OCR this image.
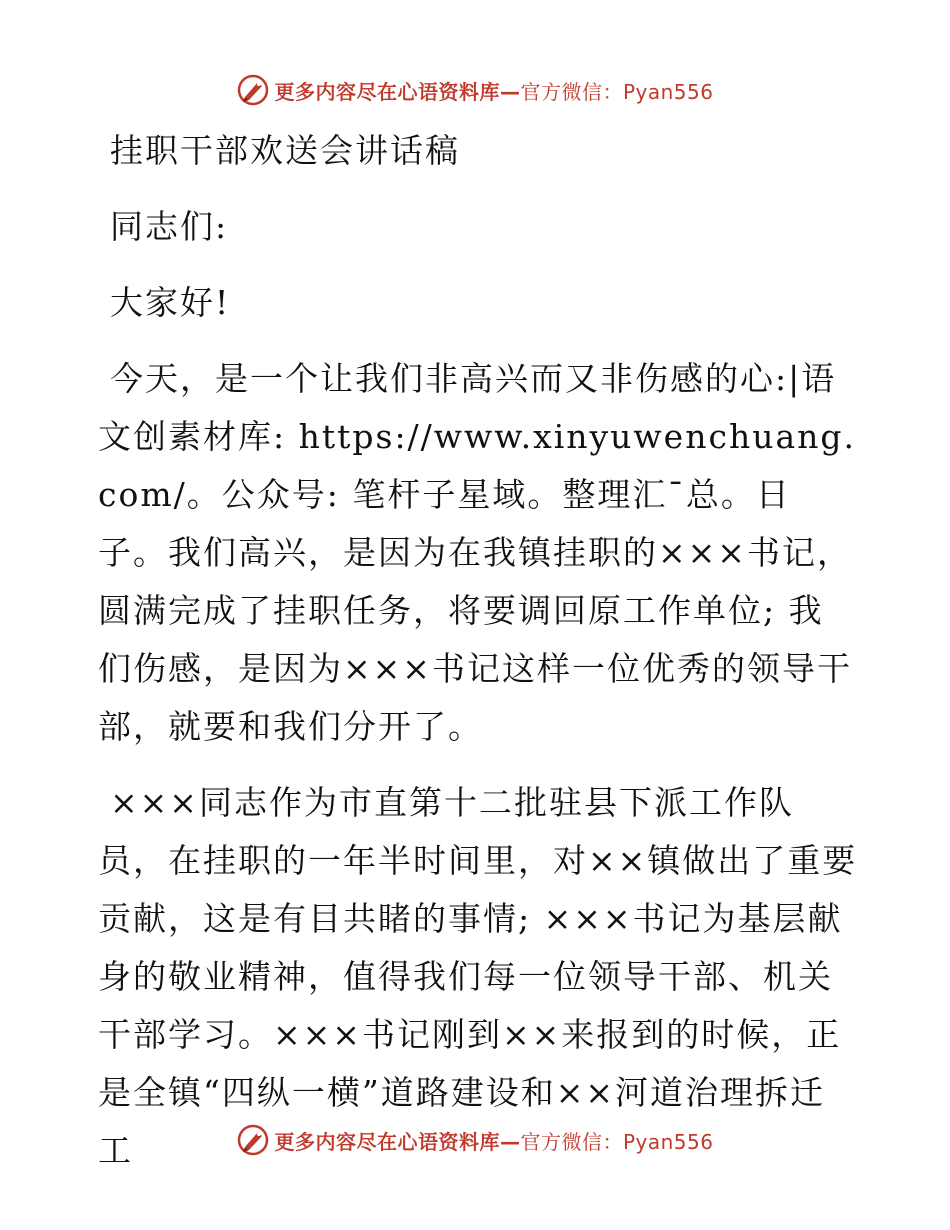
更多内容尽在心语资料库—官方微信：Pyan556

挂职干部欢送会讲话稿

同志们:

大家好!

今天，是一个让我们非高兴而又非伤感的心:|语文创素材库: https://www.xinyuwenchuang.com/。公众号: 笔杆子星域。整理汇¯总。日子。我们高兴，是因为在我镇挂职的×××书记，圆满完成了挂职任务，将要调回原工作单位; 我们伤感，是因为×××书记这样一位优秀的领导干部，就要和我们分开了。

×××同志作为市直第十二批驻县下派工作队员，在挂职的一年半时间里，对××镇做出了重要贡献，这是有目共睹的事情; ×××书记为基层献身的敬业精神，值得我们每一位领导干部、机关干部学习。×××书记刚到××来报到的时候，正是全镇“四纵一横”道路建设和××河道治理拆迁工	更多内容尽在心语资料库—官方微信：Pyan556
